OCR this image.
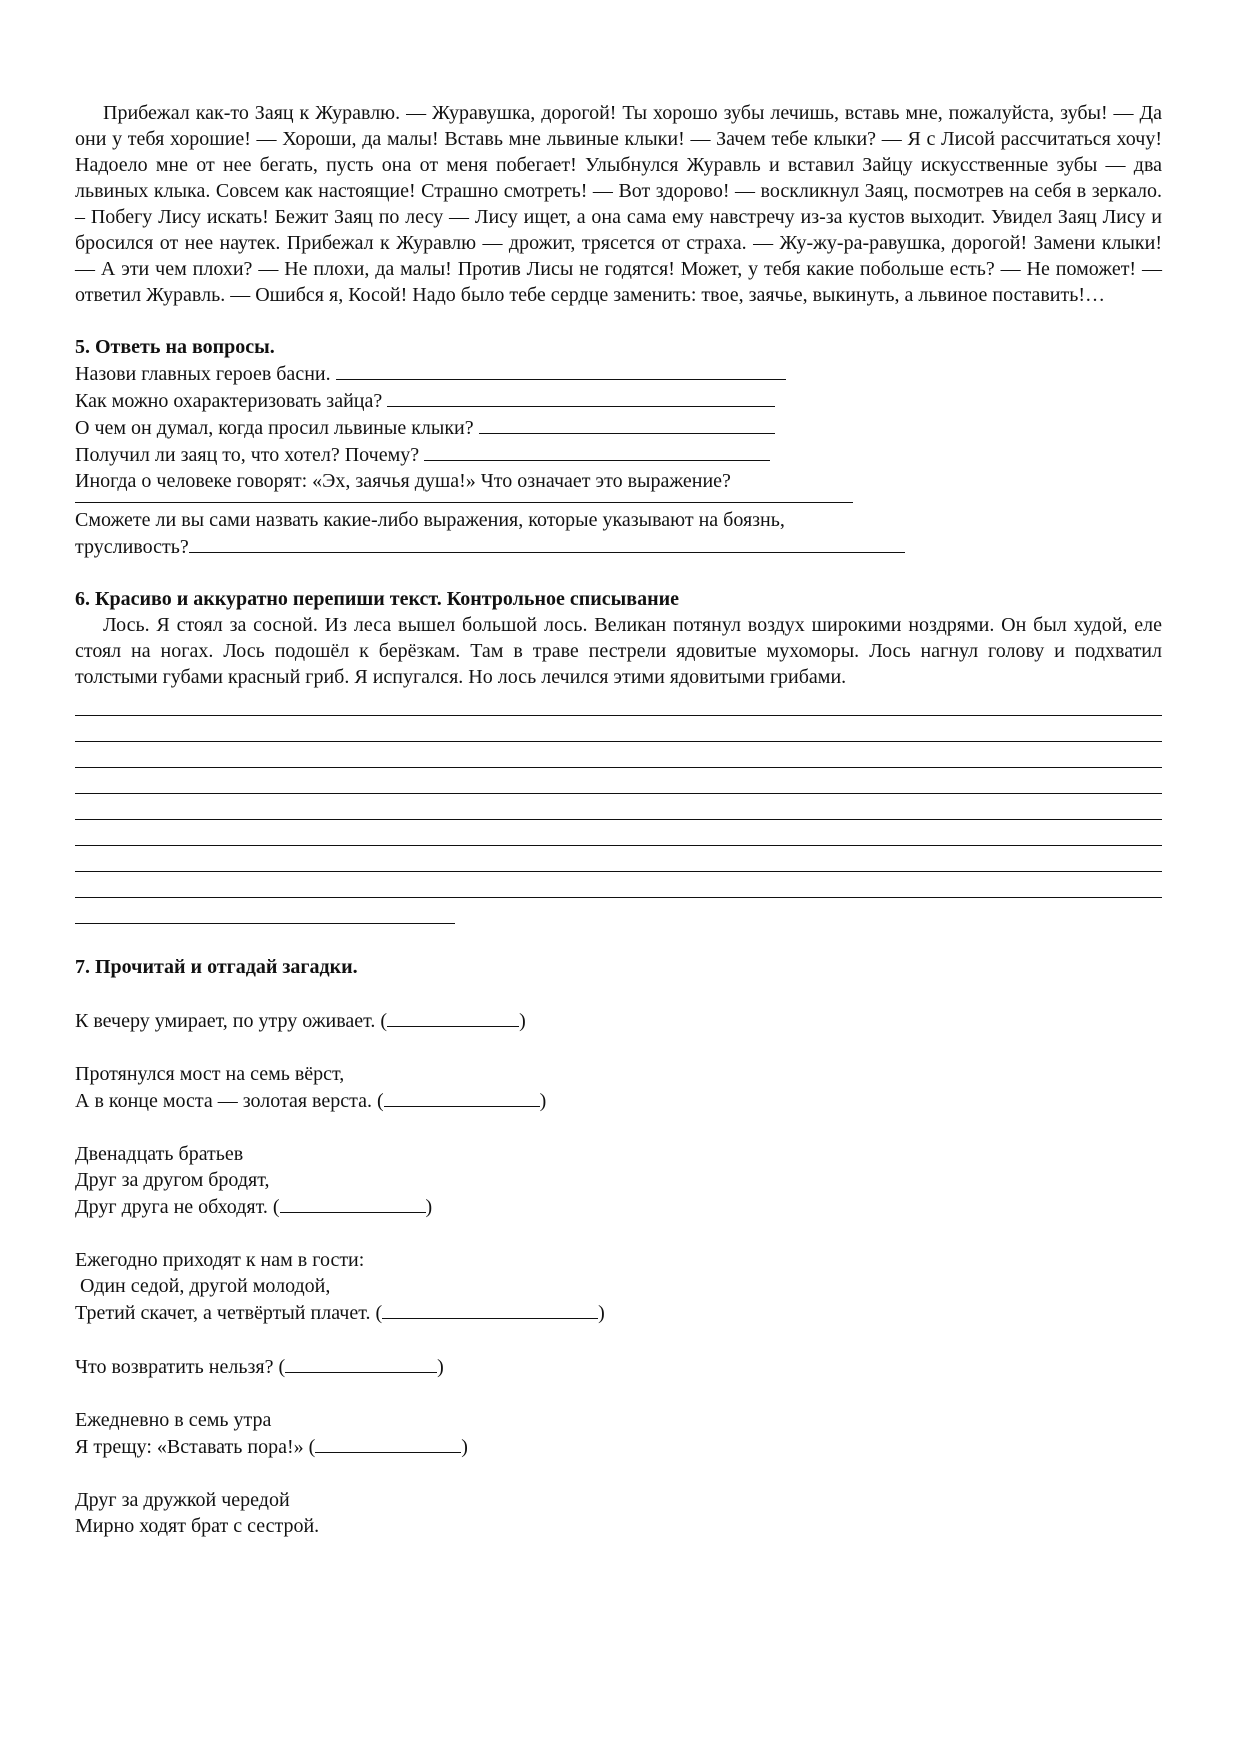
Прибежал как-то Заяц к Журавлю. — Журавушка, дорогой! Ты хорошо зубы лечишь, вставь мне, пожалуйста, зубы! — Да они у тебя хорошие! — Хороши, да малы! Вставь мне львиные клыки! — Зачем тебе клыки? — Я с Лисой рассчитаться хочу! Надоело мне от нее бегать, пусть она от меня побегает! Улыбнулся Журавль и вставил Зайцу искусственные зубы — два львиных клыка. Совсем как настоящие! Страшно смотреть! — Вот здорово! — воскликнул Заяц, посмотрев на себя в зеркало. – Побегу Лису искать! Бежит Заяц по лесу — Лису ищет, а она сама ему навстречу из-за кустов выходит. Увидел Заяц Лису и бросился от нее наутек. Прибежал к Журавлю — дрожит, трясется от страха. — Жу-жу-ра-равушка, дорогой! Замени клыки! — А эти чем плохи? — Не плохи, да малы! Против Лисы не годятся! Может, у тебя какие побольше есть? — Не поможет! — ответил Журавль. — Ошибся я, Косой! Надо было тебе сердце заменить: твое, заячье, выкинуть, а львиное поставить!…

5. Ответь на вопросы.

Назови главных героев басни.

Как можно охарактеризовать зайца?

О чем он думал, когда просил львиные клыки?

Получил ли заяц то, что хотел? Почему?

Иногда о человеке говорят: «Эх, заячья душа!» Что означает это выражение?

Сможете ли вы сами назвать какие-либо выражения, которые указывают на боязнь,

трусливость?

6. Красиво и аккуратно перепиши текст. Контрольное списывание

Лось. Я стоял за сосной. Из леса вышел большой лось. Великан потянул воздух широкими ноздрями. Он был худой, еле стоял на ногах. Лось подошёл к берёзкам. Там в траве пестрели ядовитые мухоморы. Лось нагнул голову и подхватил толстыми губами красный гриб. Я испугался. Но лось лечился этими ядовитыми грибами.

7. Прочитай и отгадай загадки.

К вечеру умирает, по утру оживает. (	)

Протянулся мост на семь вёрст,

А в конце моста — золотая верста. (	)

Двенадцать братьев

Друг за другом бродят,

Друг друга не обходят. (	)

Ежегодно приходят к нам в гости:

Один седой, другой молодой,

Третий скачет, а четвёртый плачет. (	)

Что возвратить нельзя? (	)

Ежедневно в семь утра

Я трещу: «Вставать пора!» (	)

Друг за дружкой чередой

Мирно ходят брат с сестрой.
